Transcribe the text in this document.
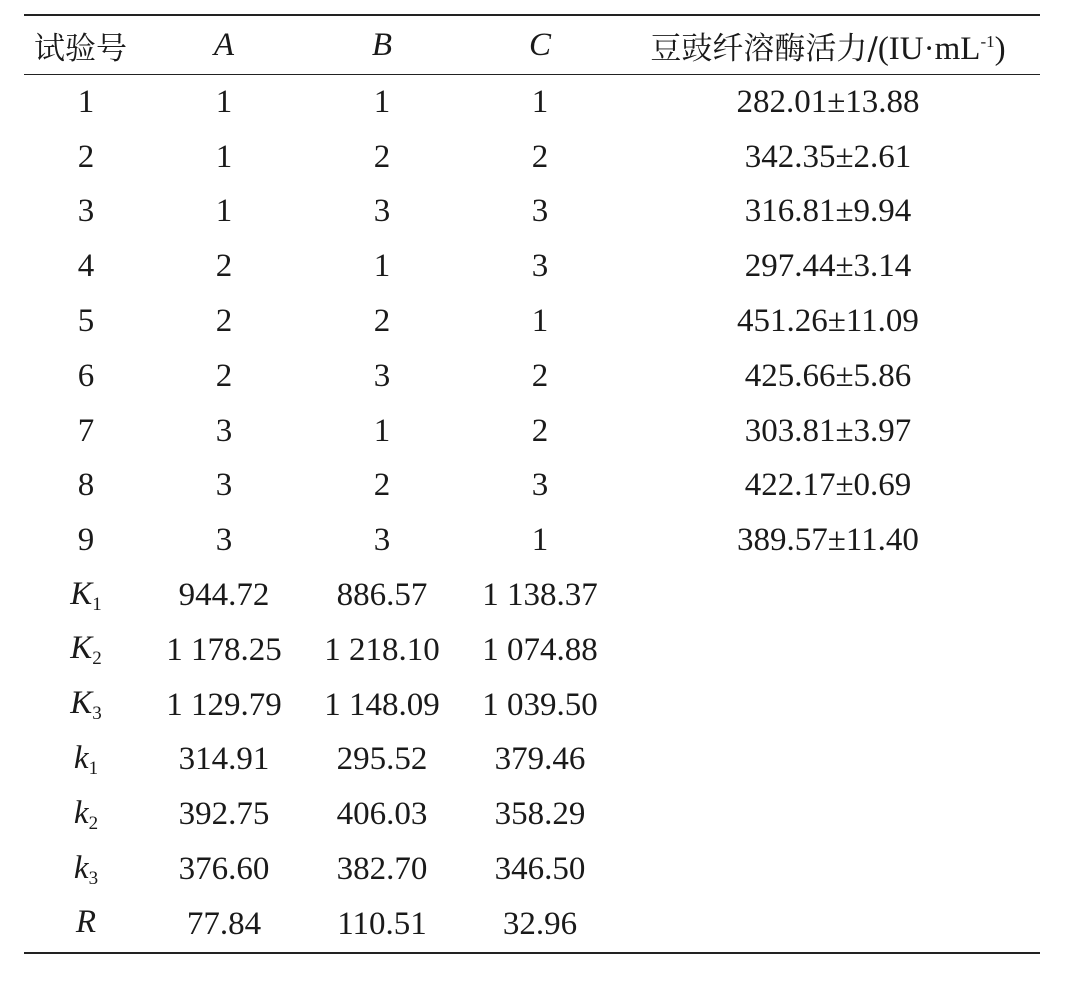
试验号	A	B	C	豆豉纤溶酶活力$/(IU\cdot mL^{-1})$
1	1	1	1	282.01±13.88
2	1	2	2	342.35±2.61
3	1	3	3	316.81±9.94
4	2	1	3	297.44±3.14
5	2	2	1	451.26±11.09
6	2	3	2	425.66±5.86
7	3	1	2	303.81±3.97
8	3	2	3	422.17±0.69
9	3	3	1	389.57±11.40
$K_1$	944.72	886.57	1 138.37
$K_2$	1 178.25	1 218.10	1 074.88
$K_3$	1 129.79	1 148.09	1 039.50
$k_1$	314.91	295.52	379.46
$k_2$	392.75	406.03	358.29
$k_3$	376.60	382.70	346.50
R	77.84	110.51	32.96
